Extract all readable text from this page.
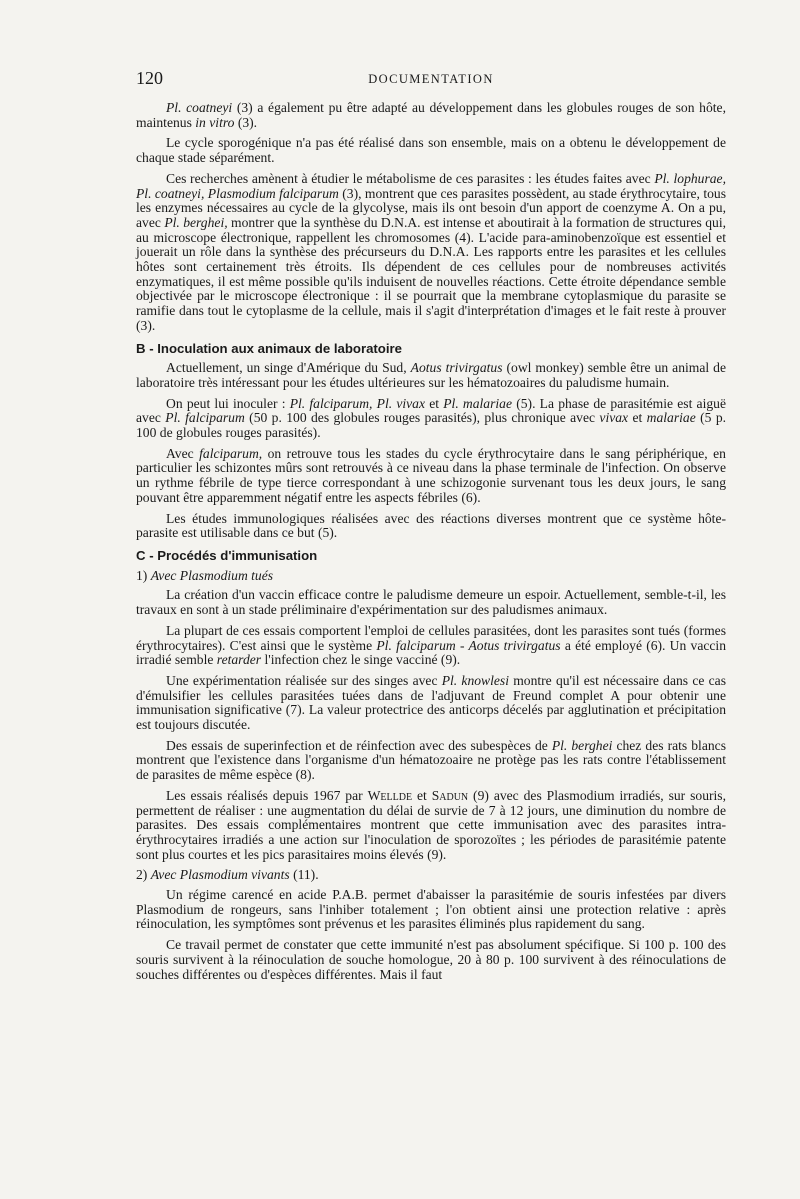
120	DOCUMENTATION

Pl. coatneyi (3) a également pu être adapté au développement dans les globules rouges de son hôte, maintenus in vitro (3).

Le cycle sporogénique n'a pas été réalisé dans son ensemble, mais on a obtenu le développement de chaque stade séparément.

Ces recherches amènent à étudier le métabolisme de ces parasites : les études faites avec Pl. lophurae, Pl. coatneyi, Plasmodium falciparum (3), montrent que ces parasites possèdent, au stade érythrocytaire, tous les enzymes nécessaires au cycle de la glycolyse, mais ils ont besoin d'un apport de coenzyme A. On a pu, avec Pl. berghei, montrer que la synthèse du D.N.A. est intense et aboutirait à la formation de structures qui, au microscope électronique, rappellent les chromosomes (4). L'acide para-aminobenzoïque est essentiel et jouerait un rôle dans la synthèse des précurseurs du D.N.A. Les rapports entre les parasites et les cellules hôtes sont certainement très étroits. Ils dépendent de ces cellules pour de nombreuses activités enzymatiques, il est même possible qu'ils induisent de nouvelles réactions. Cette étroite dépendance semble objectivée par le microscope électronique : il se pourrait que la membrane cytoplasmique du parasite se ramifie dans tout le cytoplasme de la cellule, mais il s'agit d'interprétation d'images et le fait reste à prouver (3).

B - Inoculation aux animaux de laboratoire

Actuellement, un singe d'Amérique du Sud, Aotus trivirgatus (owl monkey) semble être un animal de laboratoire très intéressant pour les études ultérieures sur les hématozoaires du paludisme humain.

On peut lui inoculer : Pl. falciparum, Pl. vivax et Pl. malariae (5). La phase de parasitémie est aiguë avec Pl. falciparum (50 p. 100 des globules rouges parasités), plus chronique avec vivax et malariae (5 p. 100 de globules rouges parasités).

Avec falciparum, on retrouve tous les stades du cycle érythrocytaire dans le sang périphérique, en particulier les schizontes mûrs sont retrouvés à ce niveau dans la phase terminale de l'infection. On observe un rythme fébrile de type tierce correspondant à une schizogonie survenant tous les deux jours, le sang pouvant être apparemment négatif entre les aspects fébriles (6).

Les études immunologiques réalisées avec des réactions diverses montrent que ce système hôte-parasite est utilisable dans ce but (5).

C - Procédés d'immunisation
1) Avec Plasmodium tués

La création d'un vaccin efficace contre le paludisme demeure un espoir. Actuellement, semble-t-il, les travaux en sont à un stade préliminaire d'expérimentation sur des paludismes animaux.

La plupart de ces essais comportent l'emploi de cellules parasitées, dont les parasites sont tués (formes érythrocytaires). C'est ainsi que le système Pl. falciparum - Aotus trivirgatus a été employé (6). Un vaccin irradié semble retarder l'infection chez le singe vacciné (9).

Une expérimentation réalisée sur des singes avec Pl. knowlesi montre qu'il est nécessaire dans ce cas d'émulsifier les cellules parasitées tuées dans de l'adjuvant de Freund complet A pour obtenir une immunisation significative (7). La valeur protectrice des anticorps décelés par agglutination et précipitation est toujours discutée.

Des essais de superinfection et de réinfection avec des subespèces de Pl. berghei chez des rats blancs montrent que l'existence dans l'organisme d'un hématozoaire ne protège pas les rats contre l'établissement de parasites de même espèce (8).

Les essais réalisés depuis 1967 par Wellde et Sadun (9) avec des Plasmodium irradiés, sur souris, permettent de réaliser : une augmentation du délai de survie de 7 à 12 jours, une diminution du nombre de parasites. Des essais complémentaires montrent que cette immunisation avec des parasites intra-érythrocytaires irradiés a une action sur l'inoculation de sporozoïtes ; les périodes de parasitémie patente sont plus courtes et les pics parasitaires moins élevés (9).

2) Avec Plasmodium vivants (11).

Un régime carencé en acide P.A.B. permet d'abaisser la parasitémie de souris infestées par divers Plasmodium de rongeurs, sans l'inhiber totalement ; l'on obtient ainsi une protection relative : après réinoculation, les symptômes sont prévenus et les parasites éliminés plus rapidement du sang.

Ce travail permet de constater que cette immunité n'est pas absolument spécifique. Si 100 p. 100 des souris survivent à la réinoculation de souche homologue, 20 à 80 p. 100 survivent à des réinoculations de souches différentes ou d'espèces différentes. Mais il faut
